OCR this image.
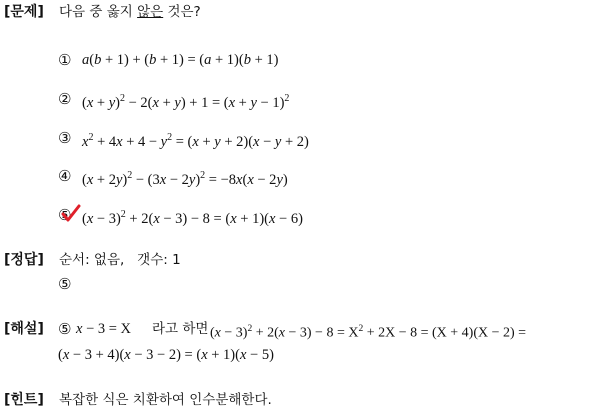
[문제] 다음 중 옳지 않은 것은?
① a(b + 1) + (b + 1) = (a + 1)(b + 1)
② $(x + y)^2 - 2(x + y) + 1 = (x + y - 1)^2$
③ $x^2 + 4x + 4 - y^2 = (x + y + 2)(x - y + 2)$
④ $(x + 2y)^2 - (3x - 2y)^2 = -8x(x - 2y)$
⑤ $(x - 3)^2 + 2(x - 3) - 8 = (x + 1)(x - 6)$
[정답] 순서: 없음,   갯수: 1
⑤
[해설] ⑤ x − 3 = X 라고 하면 $(x - 3)^2 + 2(x - 3) - 8 = X^2 + 2X - 8 = (X + 4)(X - 2)$ =
(x − 3 + 4)(x − 3 − 2) = (x + 1)(x − 5)
[힌트] 복잡한 식은 치환하여 인수분해한다.
